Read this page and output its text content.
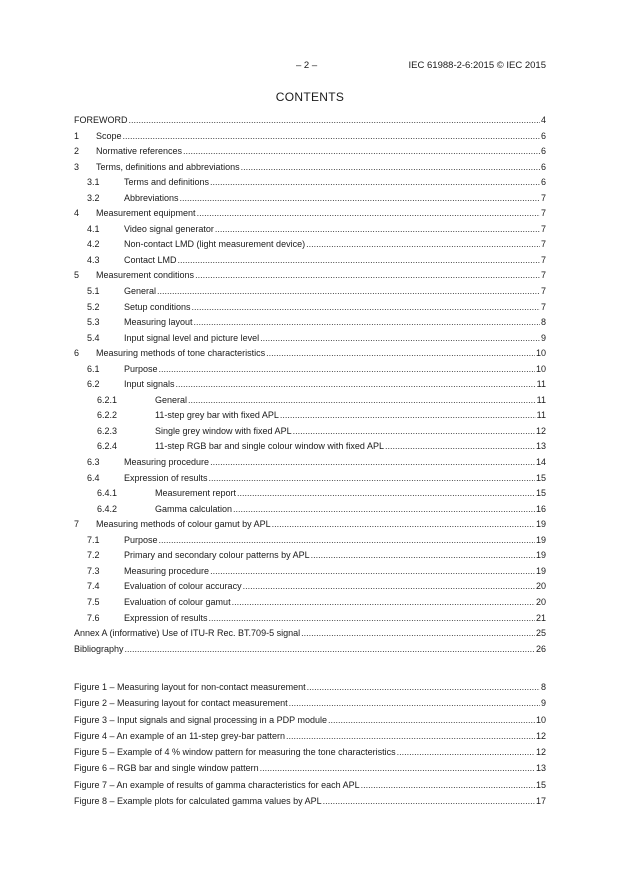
– 2 –	IEC 61988-2-6:2015 © IEC 2015
CONTENTS
FOREWORD .....	4
1 Scope .....	6
2 Normative references .....	6
3 Terms, definitions and abbreviations .....	6
3.1	Terms and definitions .....	6
3.2	Abbreviations .....	7
4 Measurement equipment .....	7
4.1	Video signal generator .....	7
4.2	Non-contact LMD (light measurement device) .....	7
4.3	Contact LMD .....	7
5 Measurement conditions .....	7
5.1	General .....	7
5.2	Setup conditions .....	7
5.3	Measuring layout .....	8
5.4	Input signal level and picture level .....	9
6 Measuring methods of tone characteristics .....	10
6.1	Purpose .....	10
6.2	Input signals .....	11
6.2.1	General .....	11
6.2.2	11-step grey bar with fixed APL .....	11
6.2.3	Single grey window with fixed APL .....	12
6.2.4	11-step RGB bar and single colour window with fixed APL .....	13
6.3	Measuring procedure .....	14
6.4	Expression of results .....	15
6.4.1	Measurement report .....	15
6.4.2	Gamma calculation .....	16
7 Measuring methods of colour gamut by APL .....	19
7.1	Purpose .....	19
7.2	Primary and secondary colour patterns by APL .....	19
7.3	Measuring procedure .....	19
7.4	Evaluation of colour accuracy .....	20
7.5	Evaluation of colour gamut .....	20
7.6	Expression of results .....	21
Annex A (informative) Use of ITU-R Rec. BT.709-5 signal .....	25
Bibliography .....	26
Figure 1 – Measuring layout for non-contact measurement .....	8
Figure 2 – Measuring layout for contact measurement .....	9
Figure 3 – Input signals and signal processing in a PDP module .....	10
Figure 4 – An example of an 11-step grey-bar pattern .....	12
Figure 5 – Example of 4 % window pattern for measuring the tone characteristics .....	12
Figure 6 – RGB bar and single window pattern .....	13
Figure 7 – An example of results of gamma characteristics for each APL .....	15
Figure 8 – Example plots for calculated gamma values by APL .....	17
